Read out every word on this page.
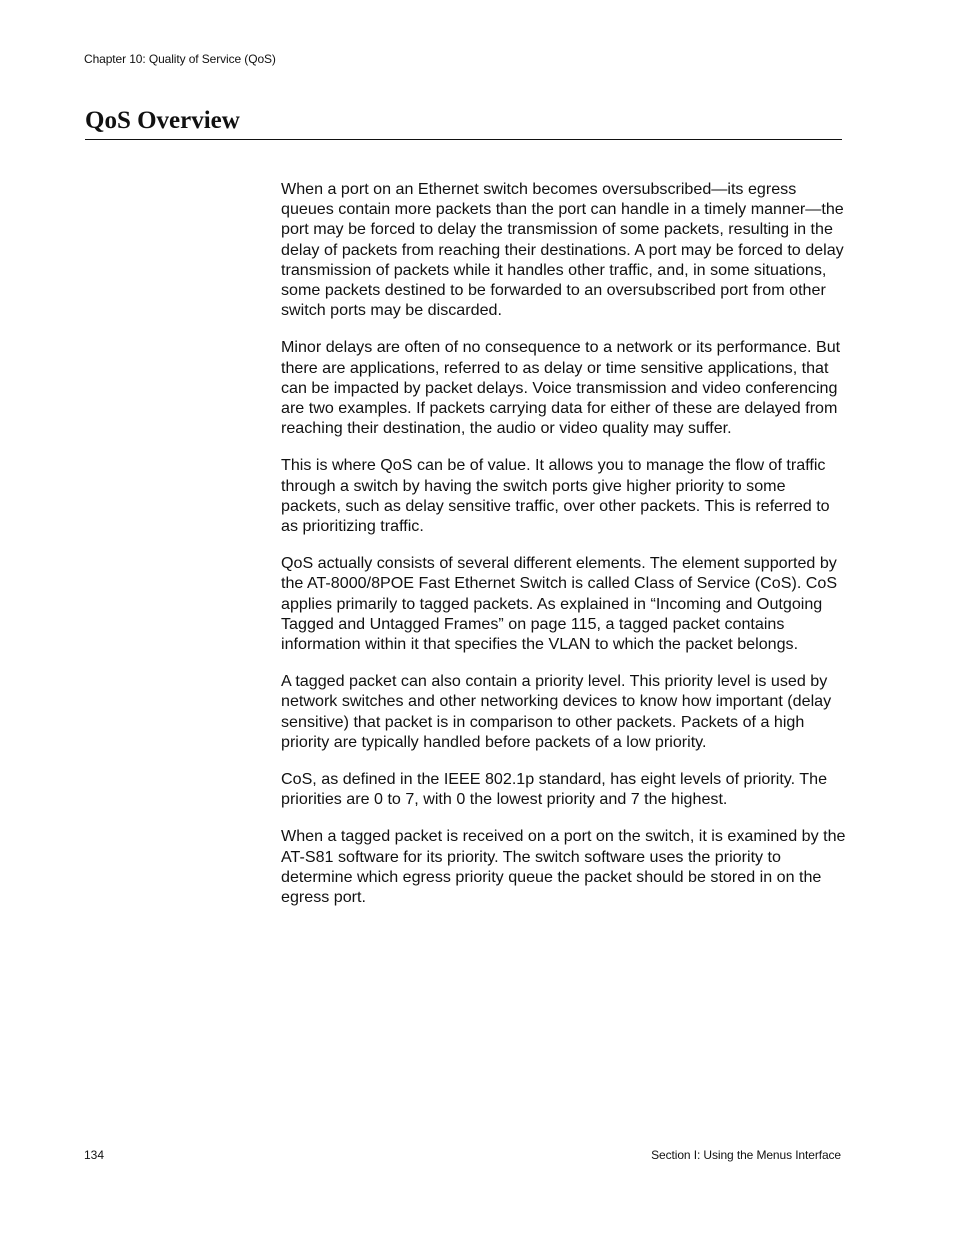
Chapter 10: Quality of Service (QoS)
QoS Overview

When a port on an Ethernet switch becomes oversubscribed—its egress queues contain more packets than the port can handle in a timely manner—the port may be forced to delay the transmission of some packets, resulting in the delay of packets from reaching their destinations. A port may be forced to delay transmission of packets while it handles other traffic, and, in some situations, some packets destined to be forwarded to an oversubscribed port from other switch ports may be discarded.

Minor delays are often of no consequence to a network or its performance. But there are applications, referred to as delay or time sensitive applications, that can be impacted by packet delays. Voice transmission and video conferencing are two examples. If packets carrying data for either of these are delayed from reaching their destination, the audio or video quality may suffer.

This is where QoS can be of value. It allows you to manage the flow of traffic through a switch by having the switch ports give higher priority to some packets, such as delay sensitive traffic, over other packets. This is referred to as prioritizing traffic.

QoS actually consists of several different elements. The element supported by the AT-8000/8POE Fast Ethernet Switch is called Class of Service (CoS). CoS applies primarily to tagged packets. As explained in “Incoming and Outgoing Tagged and Untagged Frames” on page 115, a tagged packet contains information within it that specifies the VLAN to which the packet belongs.

A tagged packet can also contain a priority level. This priority level is used by network switches and other networking devices to know how important (delay sensitive) that packet is in comparison to other packets. Packets of a high priority are typically handled before packets of a low priority.

CoS, as defined in the IEEE 802.1p standard, has eight levels of priority. The priorities are 0 to 7, with 0 the lowest priority and 7 the highest.

When a tagged packet is received on a port on the switch, it is examined by the AT-S81 software for its priority. The switch software uses the priority to determine which egress priority queue the packet should be stored in on the egress port.

134	Section I: Using the Menus Interface
